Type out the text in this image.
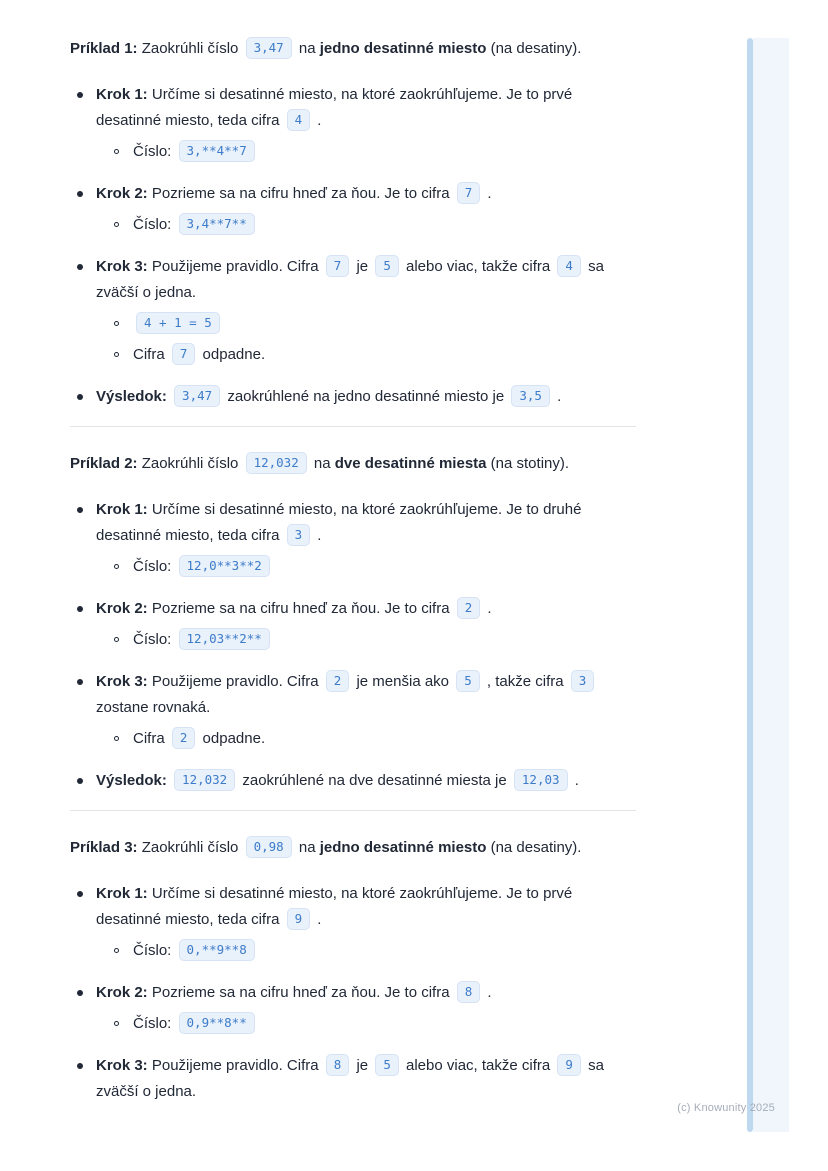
Príklad 1: Zaokrúhli číslo 3,47 na jedno desatinné miesto (na desatiny).

Krok 1: Určíme si desatinné miesto, na ktoré zaokrúhľujeme. Je to prvé desatinné miesto, teda cifra 4 .
Číslo: 3,**4**7
Krok 2: Pozrieme sa na cifru hneď za ňou. Je to cifra 7 .
Číslo: 3,4**7**
Krok 3: Použijeme pravidlo. Cifra 7 je 5 alebo viac, takže cifra 4 sa zväčší o jedna.
4 + 1 = 5
Cifra 7 odpadne.
Výsledok: 3,47 zaokrúhlené na jedno desatinné miesto je 3,5 .

Príklad 2: Zaokrúhli číslo 12,032 na dve desatinné miesta (na stotiny).

Krok 1: Určíme si desatinné miesto, na ktoré zaokrúhľujeme. Je to druhé desatinné miesto, teda cifra 3 .
Číslo: 12,0**3**2
Krok 2: Pozrieme sa na cifru hneď za ňou. Je to cifra 2 .
Číslo: 12,03**2**
Krok 3: Použijeme pravidlo. Cifra 2 je menšia ako 5 , takže cifra 3 zostane rovnaká.
Cifra 2 odpadne.
Výsledok: 12,032 zaokrúhlené na dve desatinné miesta je 12,03 .

Príklad 3: Zaokrúhli číslo 0,98 na jedno desatinné miesto (na desatiny).

Krok 1: Určíme si desatinné miesto, na ktoré zaokrúhľujeme. Je to prvé desatinné miesto, teda cifra 9 .
Číslo: 0,**9**8
Krok 2: Pozrieme sa na cifru hneď za ňou. Je to cifra 8 .
Číslo: 0,9**8**
Krok 3: Použijeme pravidlo. Cifra 8 je 5 alebo viac, takže cifra 9 sa zväčší o jedna.
(c) Knowunity 2025
